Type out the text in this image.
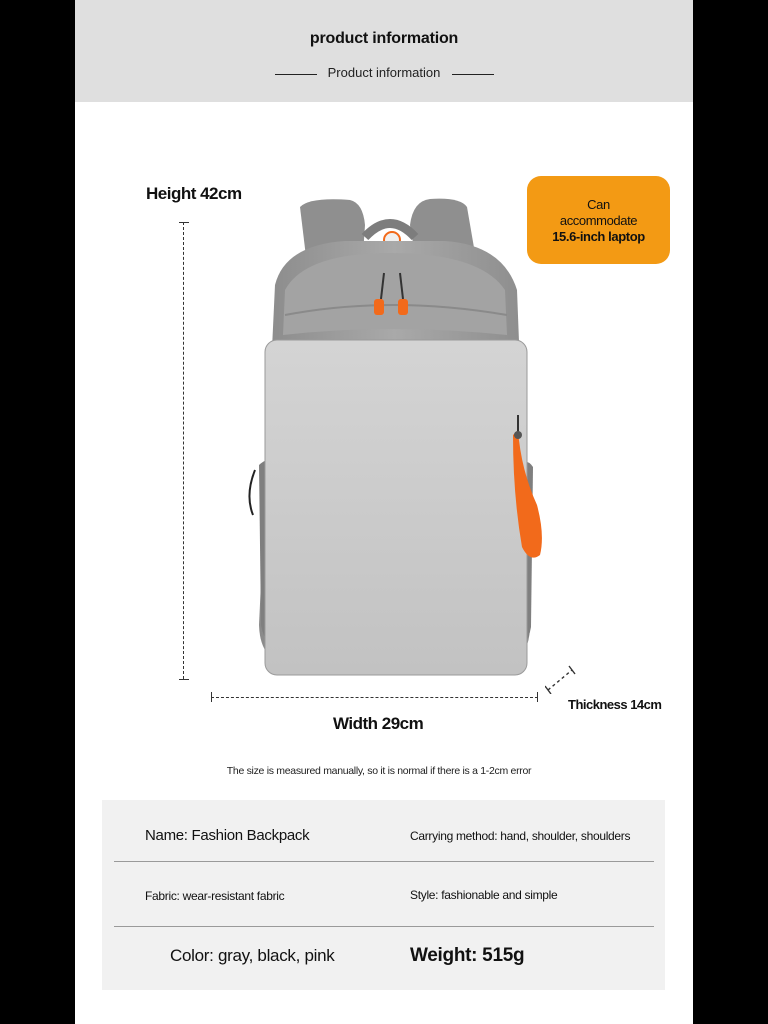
product information
Product information
Height 42cm
Can
accommodate
15.6-inch laptop
Width 29cm
Thickness 14cm
The size is measured manually, so it is normal if there is a 1-2cm error
Name: Fashion Backpack	Carrying method: hand, shoulder, shoulders
Fabric: wear-resistant fabric	Style: fashionable and simple
Color: gray, black, pink	Weight: 515g
